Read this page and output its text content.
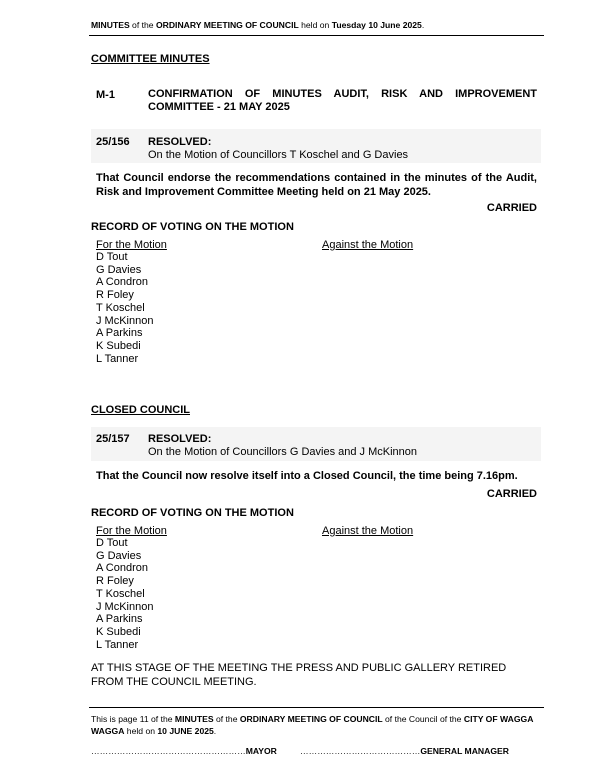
MINUTES of the ORDINARY MEETING OF COUNCIL held on Tuesday 10 June 2025.
COMMITTEE MINUTES
M-1	CONFIRMATION OF MINUTES AUDIT, RISK AND IMPROVEMENT COMMITTEE - 21 MAY 2025
25/156 RESOLVED:
On the Motion of Councillors T Koschel and G Davies
That Council endorse the recommendations contained in the minutes of the Audit, Risk and Improvement Committee Meeting held on 21 May 2025.
CARRIED
RECORD OF VOTING ON THE MOTION
For the Motion	Against the Motion
D Tout
G Davies
A Condron
R Foley
T Koschel
J McKinnon
A Parkins
K Subedi
L Tanner
CLOSED COUNCIL
25/157 RESOLVED:
On the Motion of Councillors G Davies and J McKinnon
That the Council now resolve itself into a Closed Council, the time being 7.16pm.
CARRIED
RECORD OF VOTING ON THE MOTION
For the Motion	Against the Motion
D Tout
G Davies
A Condron
R Foley
T Koschel
J McKinnon
A Parkins
K Subedi
L Tanner
AT THIS STAGE OF THE MEETING THE PRESS AND PUBLIC GALLERY RETIRED FROM THE COUNCIL MEETING.
This is page 11 of the MINUTES of the ORDINARY MEETING OF COUNCIL of the Council of the CITY OF WAGGA WAGGA held on 10 JUNE 2025.
………………………………………………MAYOR	……………………………………GENERAL MANAGER
